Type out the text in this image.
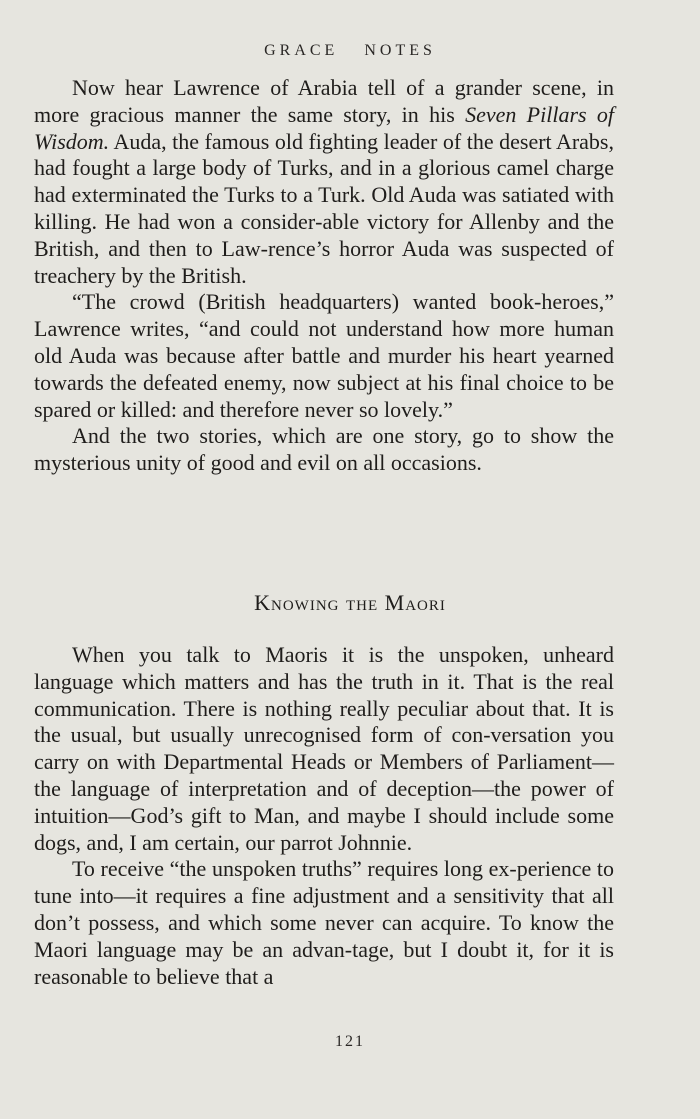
GRACE NOTES

Now hear Lawrence of Arabia tell of a grander scene, in more gracious manner the same story, in his Seven Pillars of Wisdom. Auda, the famous old fighting leader of the desert Arabs, had fought a large body of Turks, and in a glorious camel charge had exterminated the Turks to a Turk. Old Auda was satiated with killing. He had won a consider‐able victory for Allenby and the British, and then to Law‐rence’s horror Auda was suspected of treachery by the British.

“The crowd (British headquarters) wanted book‐heroes,” Lawrence writes, “and could not understand how more human old Auda was because after battle and murder his heart yearned towards the defeated enemy, now subject at his final choice to be spared or killed: and therefore never so lovely.”

And the two stories, which are one story, go to show the mysterious unity of good and evil on all occasions.

Knowing the Maori

When you talk to Maoris it is the unspoken, unheard language which matters and has the truth in it. That is the real communication. There is nothing really peculiar about that. It is the usual, but usually unrecognised form of con‐versation you carry on with Departmental Heads or Members of Parliament—the language of interpretation and of deception—the power of intuition—God’s gift to Man, and maybe I should include some dogs, and, I am certain, our parrot Johnnie.

To receive “the unspoken truths” requires long ex‐perience to tune into—it requires a fine adjustment and a sensitivity that all don’t possess, and which some never can acquire. To know the Maori language may be an advan‐tage, but I doubt it, for it is reasonable to believe that a

121
